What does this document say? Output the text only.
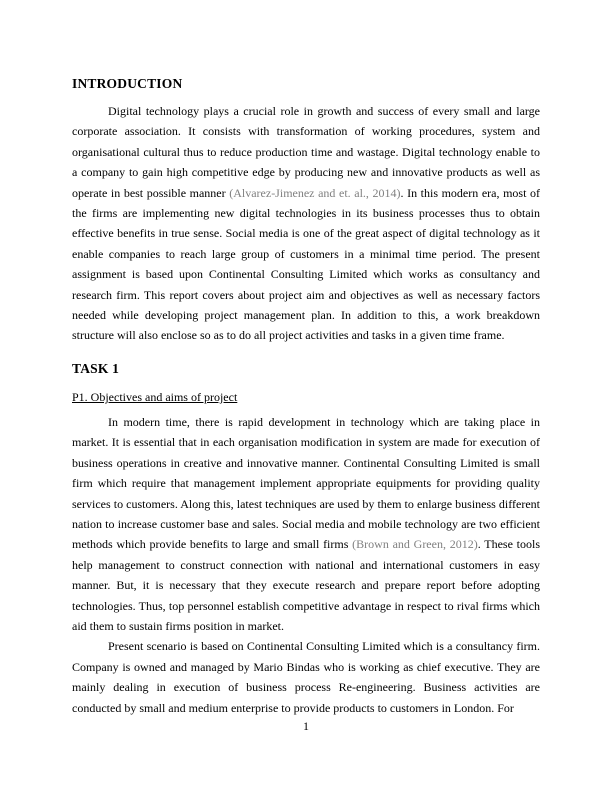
INTRODUCTION

Digital technology plays a crucial role in growth and success of every small and large corporate association. It consists with transformation of working procedures, system and organisational cultural thus to reduce production time and wastage. Digital technology enable to a company to gain high competitive edge by producing new and innovative products as well as operate in best possible manner (Alvarez-Jimenez and et. al., 2014). In this modern era, most of the firms are implementing new digital technologies in its business processes thus to obtain effective benefits in true sense. Social media is one of the great aspect of digital technology as it enable companies to reach large group of customers in a minimal time period. The present assignment is based upon Continental Consulting Limited which works as consultancy and research firm. This report covers about project aim and objectives as well as necessary factors needed while developing project management plan. In addition to this, a work breakdown structure will also enclose so as to do all project activities and tasks in a given time frame.

TASK 1
P1. Objectives and aims of project

In modern time, there is rapid development in technology which are taking place in market. It is essential that in each organisation modification in system are made for execution of business operations in creative and innovative manner. Continental Consulting Limited is small firm which require that management implement appropriate equipments for providing quality services to customers. Along this, latest techniques are used by them to enlarge business different nation to increase customer base and sales. Social media and mobile technology are two efficient methods which provide benefits to large and small firms (Brown and Green, 2012). These tools help management to construct connection with national and international customers in easy manner. But, it is necessary that they execute research and prepare report before adopting technologies. Thus, top personnel establish competitive advantage in respect to rival firms which aid them to sustain firms position in market.

Present scenario is based on Continental Consulting Limited which is a consultancy firm. Company is owned and managed by Mario Bindas who is working as chief executive. They are mainly dealing in execution of business process Re-engineering. Business activities are conducted by small and medium enterprise to provide products to customers in London. For

1
